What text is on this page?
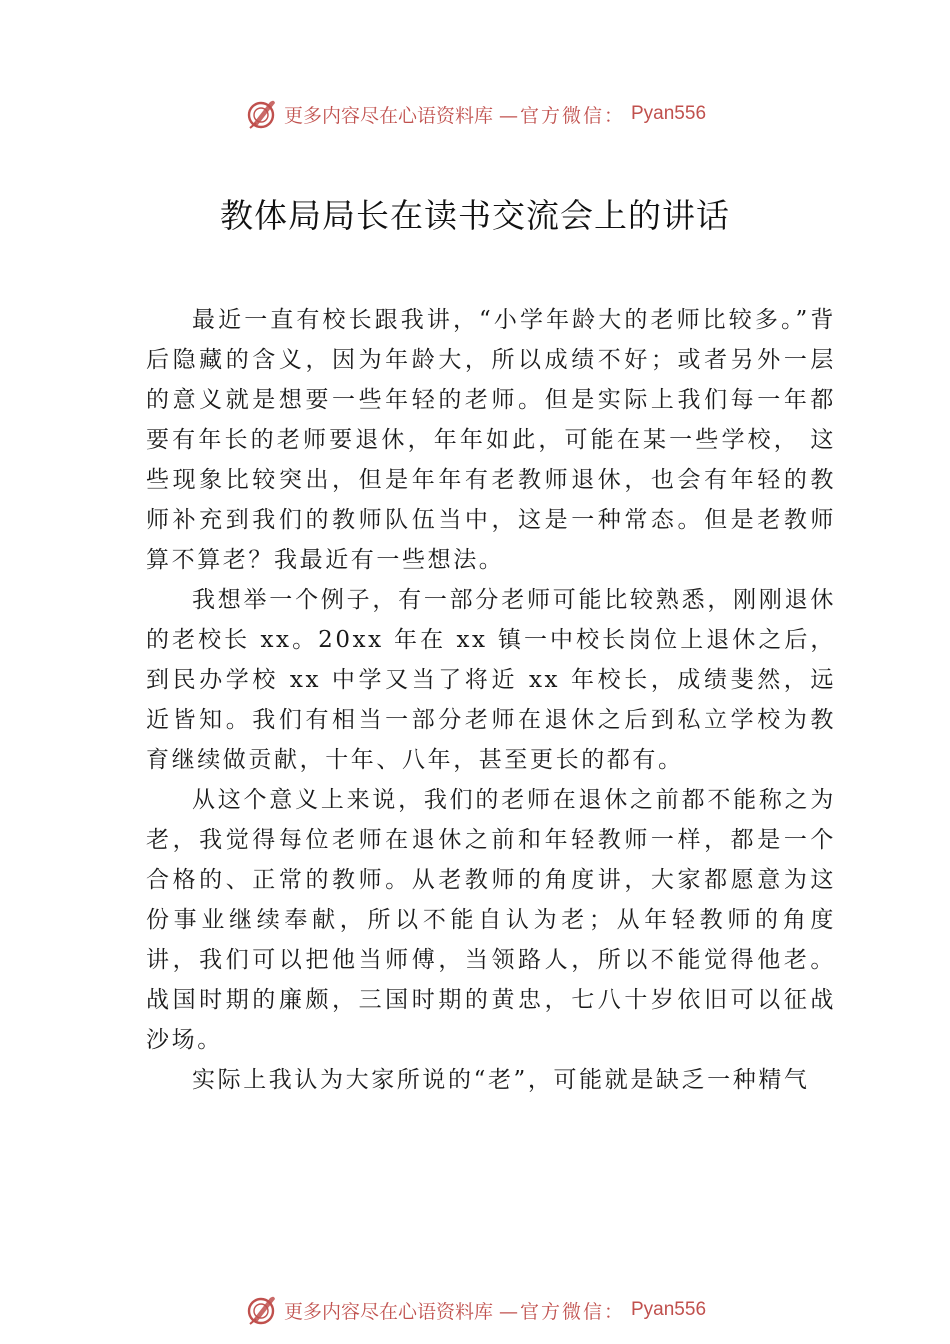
更多内容尽在心语资料库 —官方微信： Pyan556
教体局局长在读书交流会上的讲话

最近一直有校长跟我讲，“小学年龄大的老师比较多。”背后隐藏的含义，因为年龄大，所以成绩不好；或者另外一层的意义就是想要一些年轻的老师。但是实际上我们每一年都要有年长的老师要退休，年年如此，可能在某一些学校， 这些现象比较突出，但是年年有老教师退休，也会有年轻的教师补充到我们的教师队伍当中，这是一种常态。但是老教师算不算老？我最近有一些想法。

我想举一个例子，有一部分老师可能比较熟悉，刚刚退休的老校长 xx。20xx 年在 xx 镇一中校长岗位上退休之后，到民办学校 xx 中学又当了将近 xx 年校长，成绩斐然，远近皆知。我们有相当一部分老师在退休之后到私立学校为教育继续做贡献，十年、八年，甚至更长的都有。

从这个意义上来说，我们的老师在退休之前都不能称之为老，我觉得每位老师在退休之前和年轻教师一样，都是一个合格的、正常的教师。从老教师的角度讲，大家都愿意为这份事业继续奉献，所以不能自认为老；从年轻教师的角度讲，我们可以把他当师傅，当领路人，所以不能觉得他老。 战国时期的廉颇，三国时期的黄忠，七八十岁依旧可以征战沙场。

实际上我认为大家所说的“老”，可能就是缺乏一种精气

更多内容尽在心语资料库 —官方微信： Pyan556
